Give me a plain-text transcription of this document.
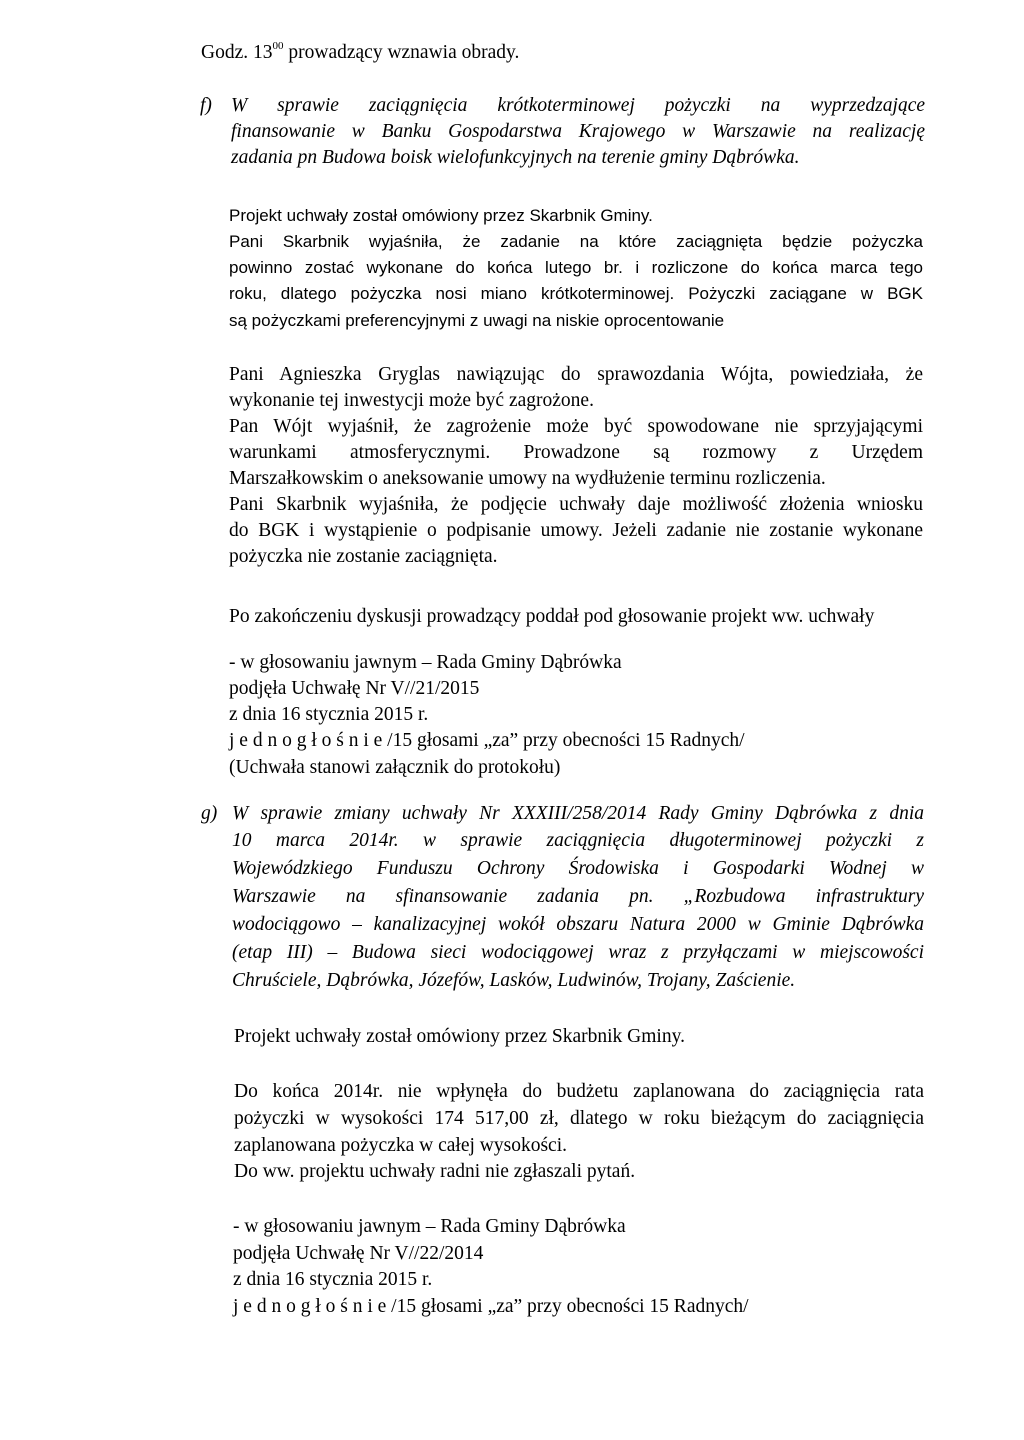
Godz. $13^{00}$ prowadzący wznawia obrady.
f) W sprawie zaciągnięcia krótkoterminowej pożyczki na wyprzedzające
finansowanie w Banku Gospodarstwa Krajowego w Warszawie na realizację
zadania pn Budowa boisk wielofunkcyjnych na terenie gminy Dąbrówka.
Projekt uchwały został omówiony przez Skarbnik Gminy.
Pani Skarbnik wyjaśniła, że zadanie na które zaciągnięta będzie pożyczka
powinno zostać wykonane do końca lutego br. i rozliczone do końca marca tego
roku, dlatego pożyczka nosi miano krótkoterminowej. Pożyczki zaciągane w BGK
są pożyczkami preferencyjnymi z uwagi na niskie oprocentowanie
Pani Agnieszka Gryglas nawiązując do sprawozdania Wójta, powiedziała, że
wykonanie tej inwestycji może być zagrożone.
Pan Wójt wyjaśnił, że zagrożenie może być spowodowane nie sprzyjającymi
warunkami atmosferycznymi. Prowadzone są rozmowy z Urzędem
Marszałkowskim o aneksowanie umowy na wydłużenie terminu rozliczenia.
Pani Skarbnik wyjaśniła, że podjęcie uchwały daje możliwość złożenia wniosku
do BGK i wystąpienie o podpisanie umowy. Jeżeli zadanie nie zostanie wykonane
pożyczka nie zostanie zaciągnięta.
Po zakończeniu dyskusji prowadzący poddał pod głosowanie projekt ww. uchwały
- w głosowaniu jawnym – Rada Gminy Dąbrówka
podjęła Uchwałę Nr V//21/2015
z dnia 16 stycznia 2015 r.
j e d n o g ł o ś n i e /15 głosami „za” przy obecności 15 Radnych/
(Uchwała stanowi załącznik do protokołu)
g) W sprawie zmiany uchwały Nr XXXIII/258/2014 Rady Gminy Dąbrówka z dnia
10 marca 2014r. w sprawie zaciągnięcia długoterminowej pożyczki z
Wojewódzkiego Funduszu Ochrony Środowiska i Gospodarki Wodnej w
Warszawie na sfinansowanie zadania pn. „Rozbudowa infrastruktury
wodociągowo – kanalizacyjnej wokół obszaru Natura 2000 w Gminie Dąbrówka
(etap III) – Budowa sieci wodociągowej wraz z przyłączami w miejscowości
Chruściele, Dąbrówka, Józefów, Lasków, Ludwinów, Trojany, Zaścienie.
Projekt uchwały został omówiony przez Skarbnik Gminy.
Do końca 2014r. nie wpłynęła do budżetu zaplanowana do zaciągnięcia rata
pożyczki w wysokości 174 517,00 zł, dlatego w roku bieżącym do zaciągnięcia
zaplanowana pożyczka w całej wysokości.
Do ww. projektu uchwały radni nie zgłaszali pytań.
- w głosowaniu jawnym – Rada Gminy Dąbrówka
podjęła Uchwałę Nr V//22/2014
z dnia 16 stycznia 2015 r.
j e d n o g ł o ś n i e /15 głosami „za” przy obecności 15 Radnych/
